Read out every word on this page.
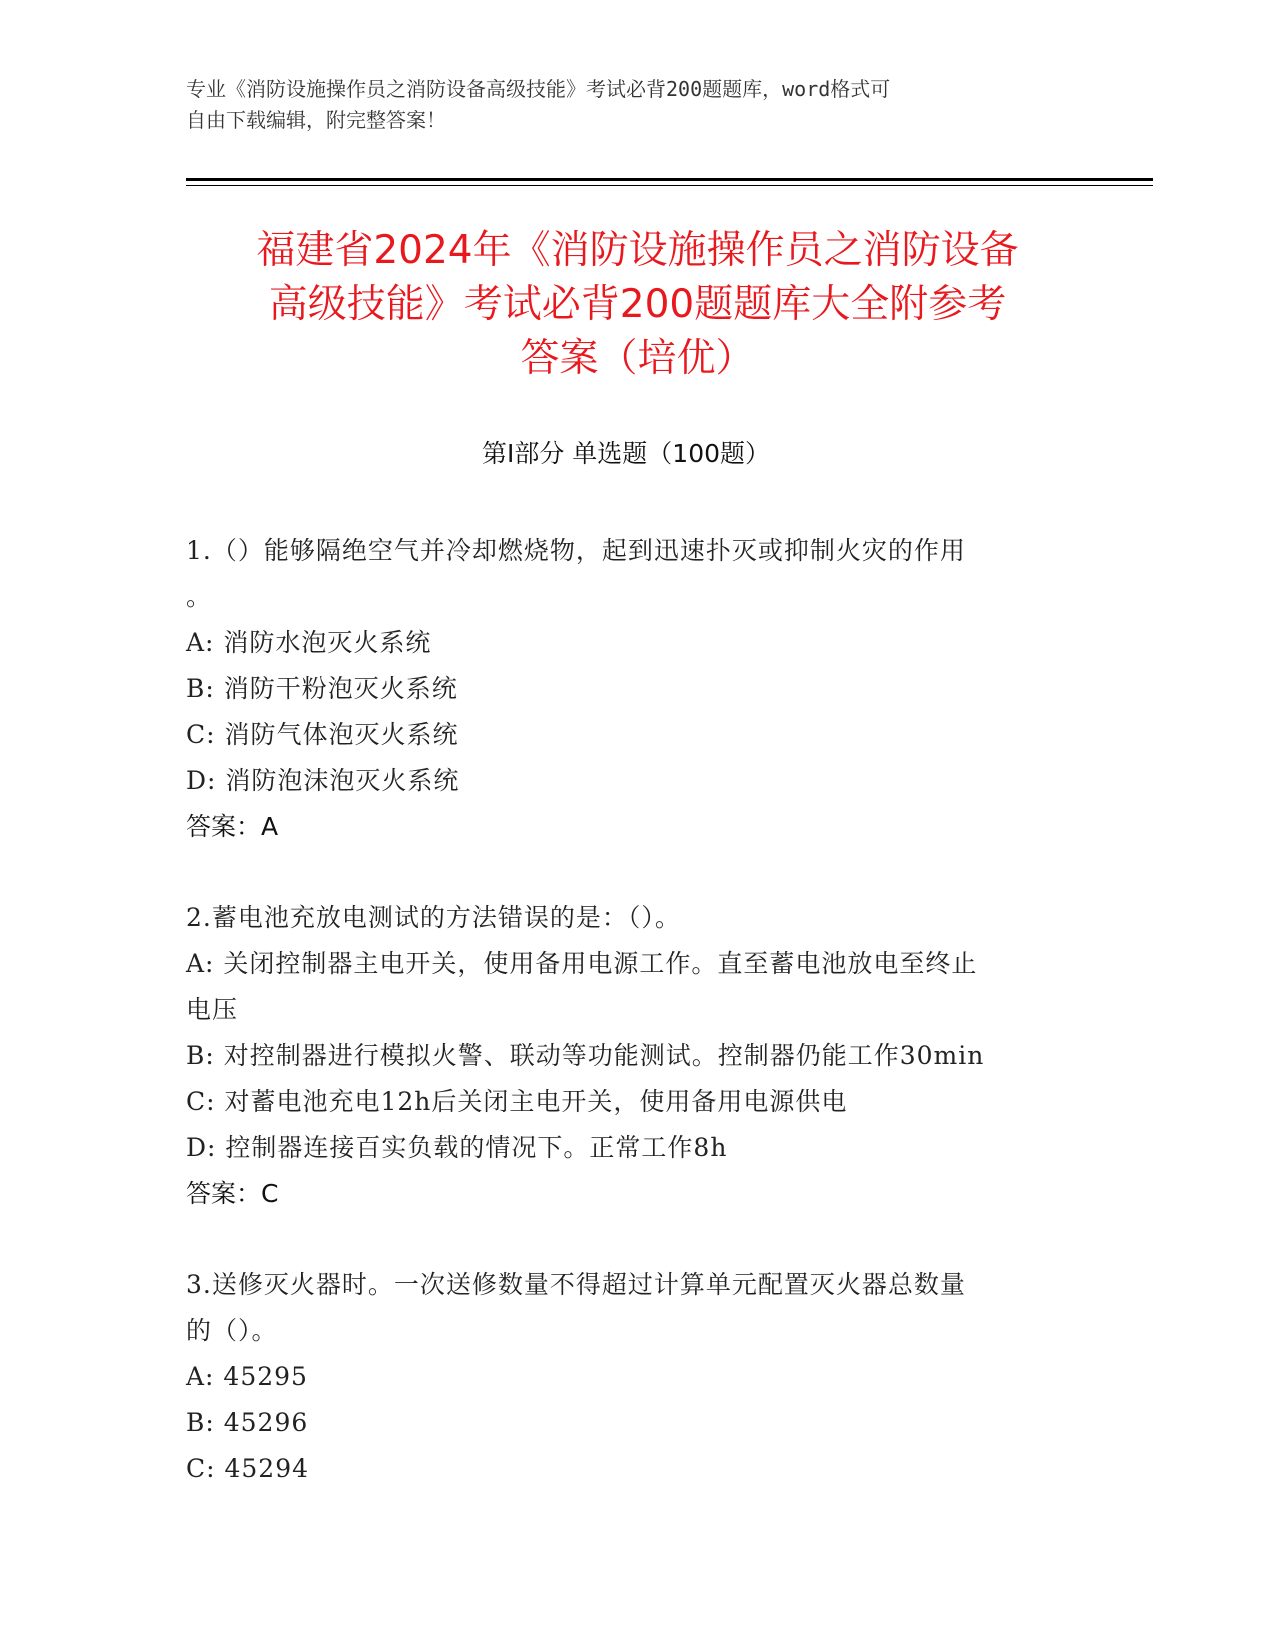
专业《消防设施操作员之消防设备高级技能》考试必背200题题库，word格式可
自由下载编辑，附完整答案！
福建省2024年《消防设施操作员之消防设备
高级技能》考试必背200题题库大全附参考
答案（培优）
第I部分 单选题（100题）
1.（）能够隔绝空气并冷却燃烧物，起到迅速扑灭或抑制火灾的作用
。
A: 消防水泡灭火系统
B: 消防干粉泡灭火系统
C: 消防气体泡灭火系统
D: 消防泡沫泡灭火系统
答案：A
2.蓄电池充放电测试的方法错误的是：（）。
A: 关闭控制器主电开关，使用备用电源工作。直至蓄电池放电至终止
电压
B: 对控制器进行模拟火警、联动等功能测试。控制器仍能工作30min
C: 对蓄电池充电12h后关闭主电开关，使用备用电源供电
D: 控制器连接百实负载的情况下。正常工作8h
答案：C
3.送修灭火器时。一次送修数量不得超过计算单元配置灭火器总数量
的（）。
A: 45295
B: 45296
C: 45294
